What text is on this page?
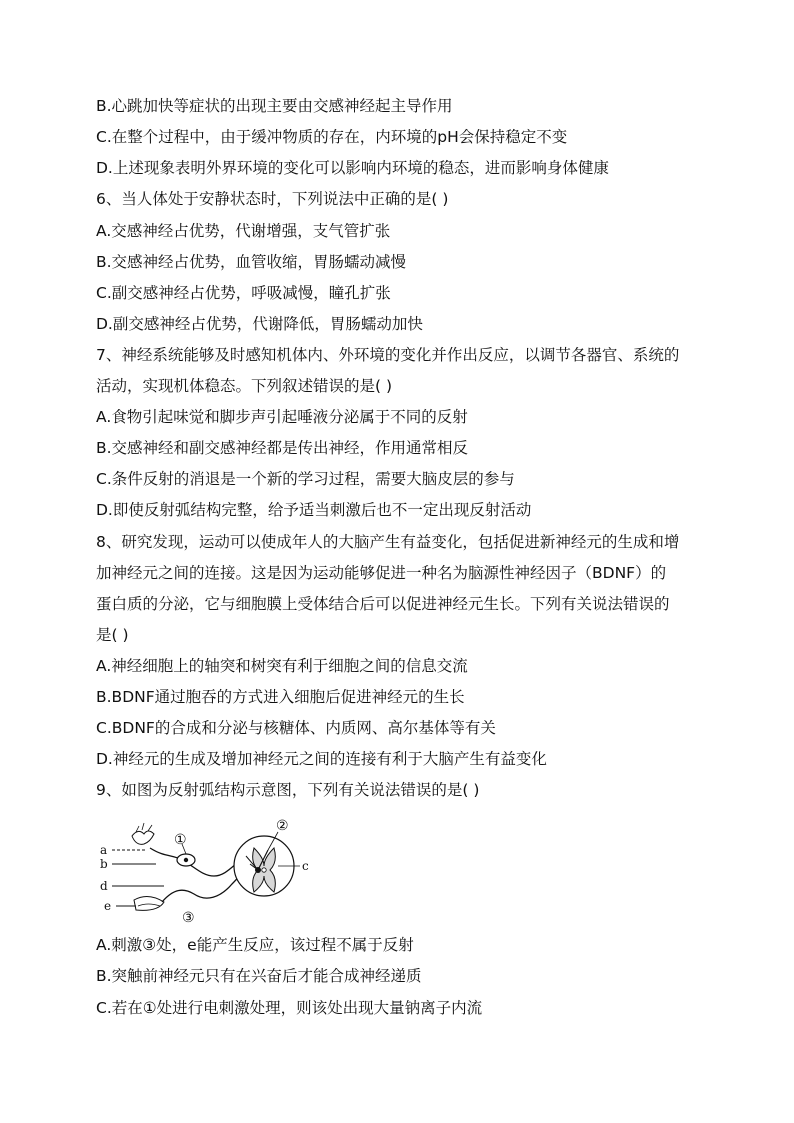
B.心跳加快等症状的出现主要由交感神经起主导作用
C.在整个过程中，由于缓冲物质的存在，内环境的pH会保持稳定不变
D.上述现象表明外界环境的变化可以影响内环境的稳态，进而影响身体健康
6、当人体处于安静状态时，下列说法中正确的是( )
A.交感神经占优势，代谢增强，支气管扩张
B.交感神经占优势，血管收缩，胃肠蠕动减慢
C.副交感神经占优势，呼吸减慢，瞳孔扩张
D.副交感神经占优势，代谢降低，胃肠蠕动加快
7、神经系统能够及时感知机体内、外环境的变化并作出反应，以调节各器官、系统的
活动，实现机体稳态。下列叙述错误的是( )
A.食物引起味觉和脚步声引起唾液分泌属于不同的反射
B.交感神经和副交感神经都是传出神经，作用通常相反
C.条件反射的消退是一个新的学习过程，需要大脑皮层的参与
D.即使反射弧结构完整，给予适当刺激后也不一定出现反射活动
8、研究发现，运动可以使成年人的大脑产生有益变化，包括促进新神经元的生成和增
加神经元之间的连接。这是因为运动能够促进一种名为脑源性神经因子（BDNF）的
蛋白质的分泌，它与细胞膜上受体结合后可以促进神经元生长。下列有关说法错误的
是( )
A.神经细胞上的轴突和树突有利于细胞之间的信息交流
B.BDNF通过胞吞的方式进入细胞后促进神经元的生长
C.BDNF的合成和分泌与核糖体、内质网、高尔基体等有关
D.神经元的生成及增加神经元之间的连接有利于大脑产生有益变化
9、如图为反射弧结构示意图，下列有关说法错误的是( )
a
b	c
d
e
①
②
③
A.刺激③处，e能产生反应，该过程不属于反射
B.突触前神经元只有在兴奋后才能合成神经递质
C.若在①处进行电刺激处理，则该处出现大量钠离子内流
